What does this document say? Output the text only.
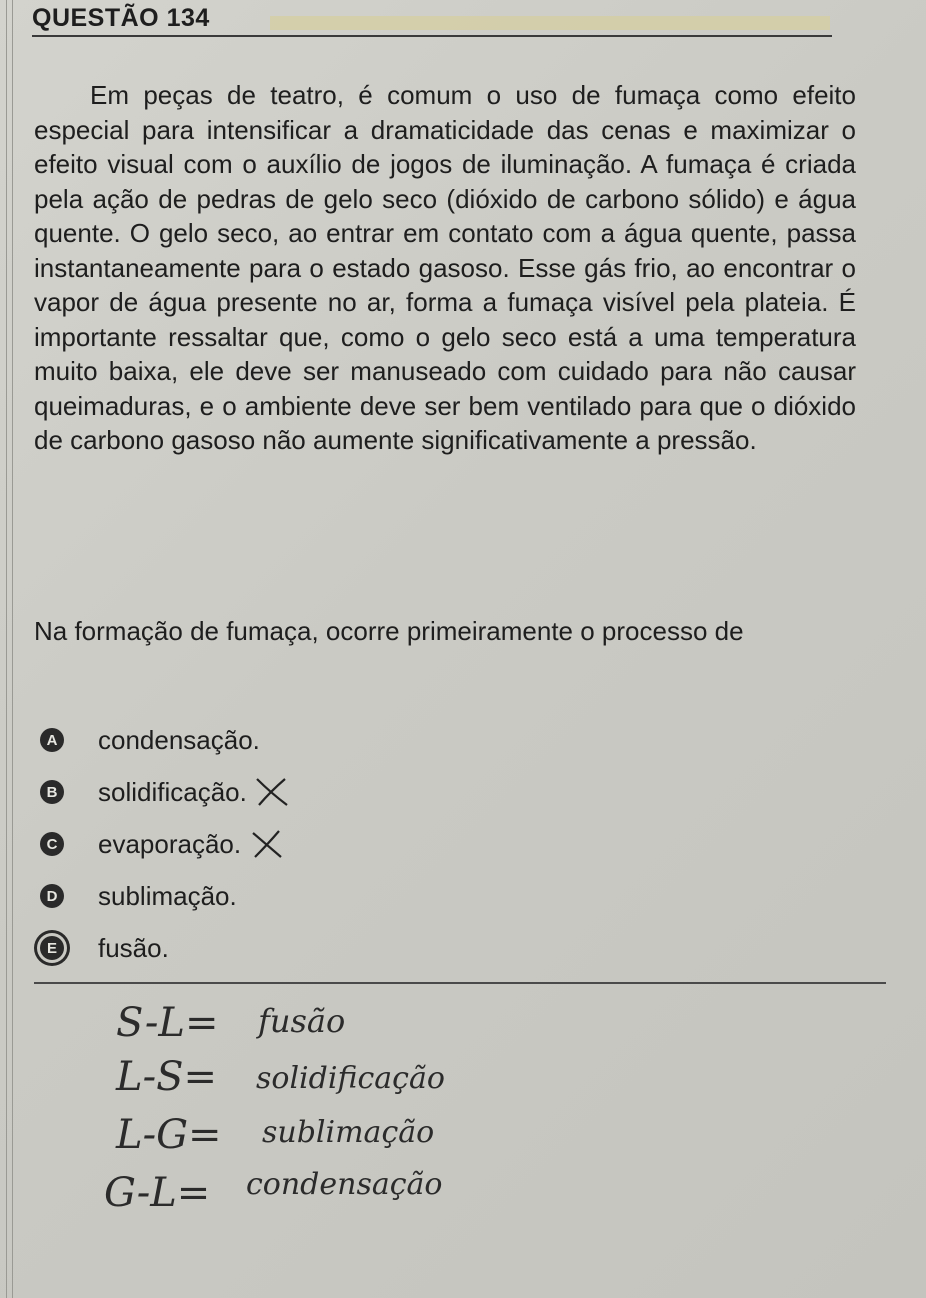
QUESTÃO 134
Em peças de teatro, é comum o uso de fumaça como efeito especial para intensificar a dramaticidade das cenas e maximizar o efeito visual com o auxílio de jogos de iluminação. A fumaça é criada pela ação de pedras de gelo seco (dióxido de carbono sólido) e água quente. O gelo seco, ao entrar em contato com a água quente, passa instantaneamente para o estado gasoso. Esse gás frio, ao encontrar o vapor de água presente no ar, forma a fumaça visível pela plateia. É importante ressaltar que, como o gelo seco está a uma temperatura muito baixa, ele deve ser manuseado com cuidado para não causar queimaduras, e o ambiente deve ser bem ventilado para que o dióxido de carbono gasoso não aumente significativamente a pressão.
Na formação de fumaça, ocorre primeiramente o processo de
A condensação.
B solidificação.
C evaporação.
D sublimação.
E fusão.
S-L= fusão
L-S= solidificação
L-G= sublimação
G-L= condensação
